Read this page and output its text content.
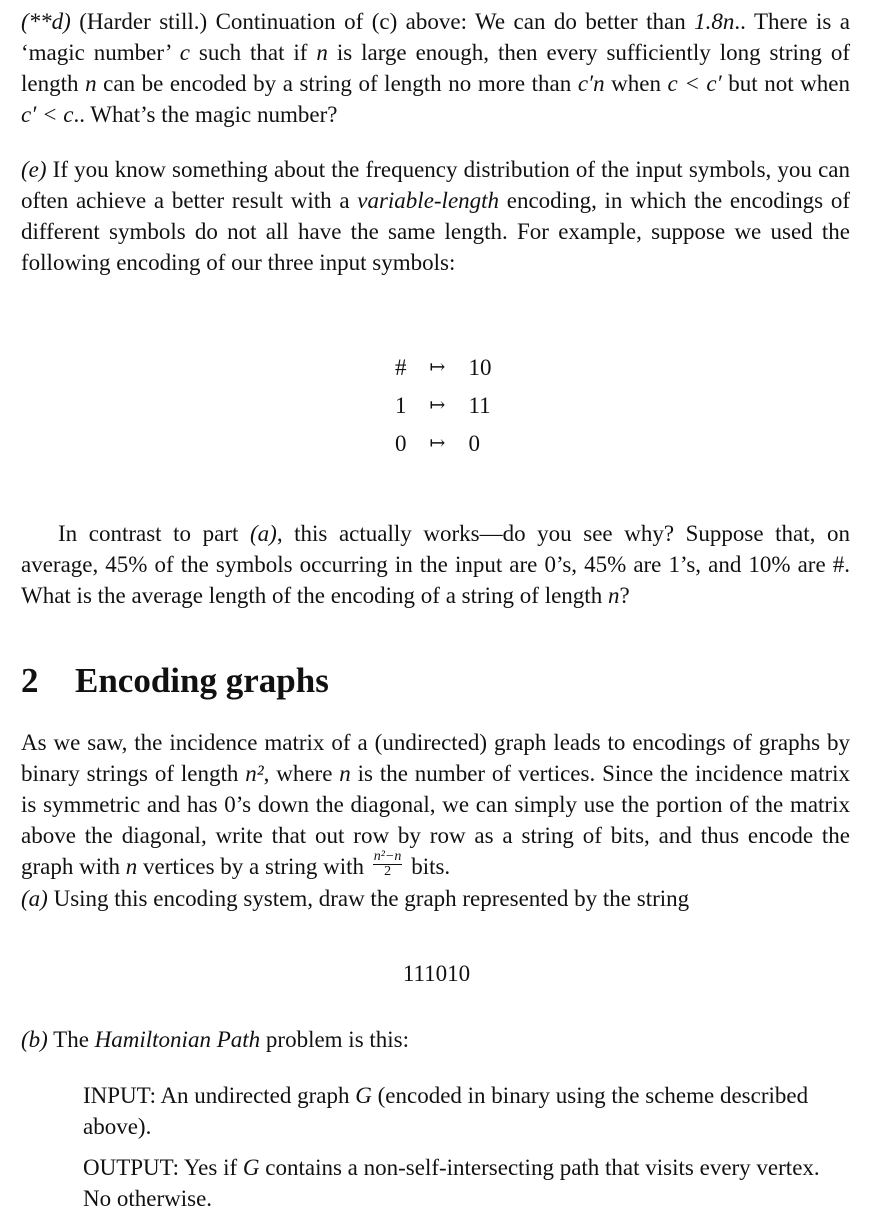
(**d) (Harder still.) Continuation of (c) above: We can do better than 1.8n.. There is a ‘magic number’ c such that if n is large enough, then every sufficiently long string of length n can be encoded by a string of length no more than c′n when c < c′ but not when c′ < c.. What’s the magic number?

(e) If you know something about the frequency distribution of the input symbols, you can often achieve a better result with a variable-length encoding, in which the encodings of different symbols do not all have the same length. For example, suppose we used the following encoding of our three input symbols:

#	↦	10
1	↦	11
0	↦	0

In contrast to part (a), this actually works—do you see why? Suppose that, on average, 45% of the symbols occurring in the input are 0’s, 45% are 1’s, and 10% are #. What is the average length of the encoding of a string of length n?

2 Encoding graphs

As we saw, the incidence matrix of a (undirected) graph leads to encodings of graphs by binary strings of length n², where n is the number of vertices. Since the incidence matrix is symmetric and has 0’s down the diagonal, we can simply use the portion of the matrix above the diagonal, write that out row by row as a string of bits, and thus encode the graph with n vertices by a string with $\frac{\text{n²−n}}{2}$ bits.
(a) Using this encoding system, draw the graph represented by the string

111010

(b) The Hamiltonian Path problem is this:

INPUT: An undirected graph G (encoded in binary using the scheme described above).

OUTPUT: Yes if G contains a non-self-intersecting path that visits every vertex. No otherwise.
